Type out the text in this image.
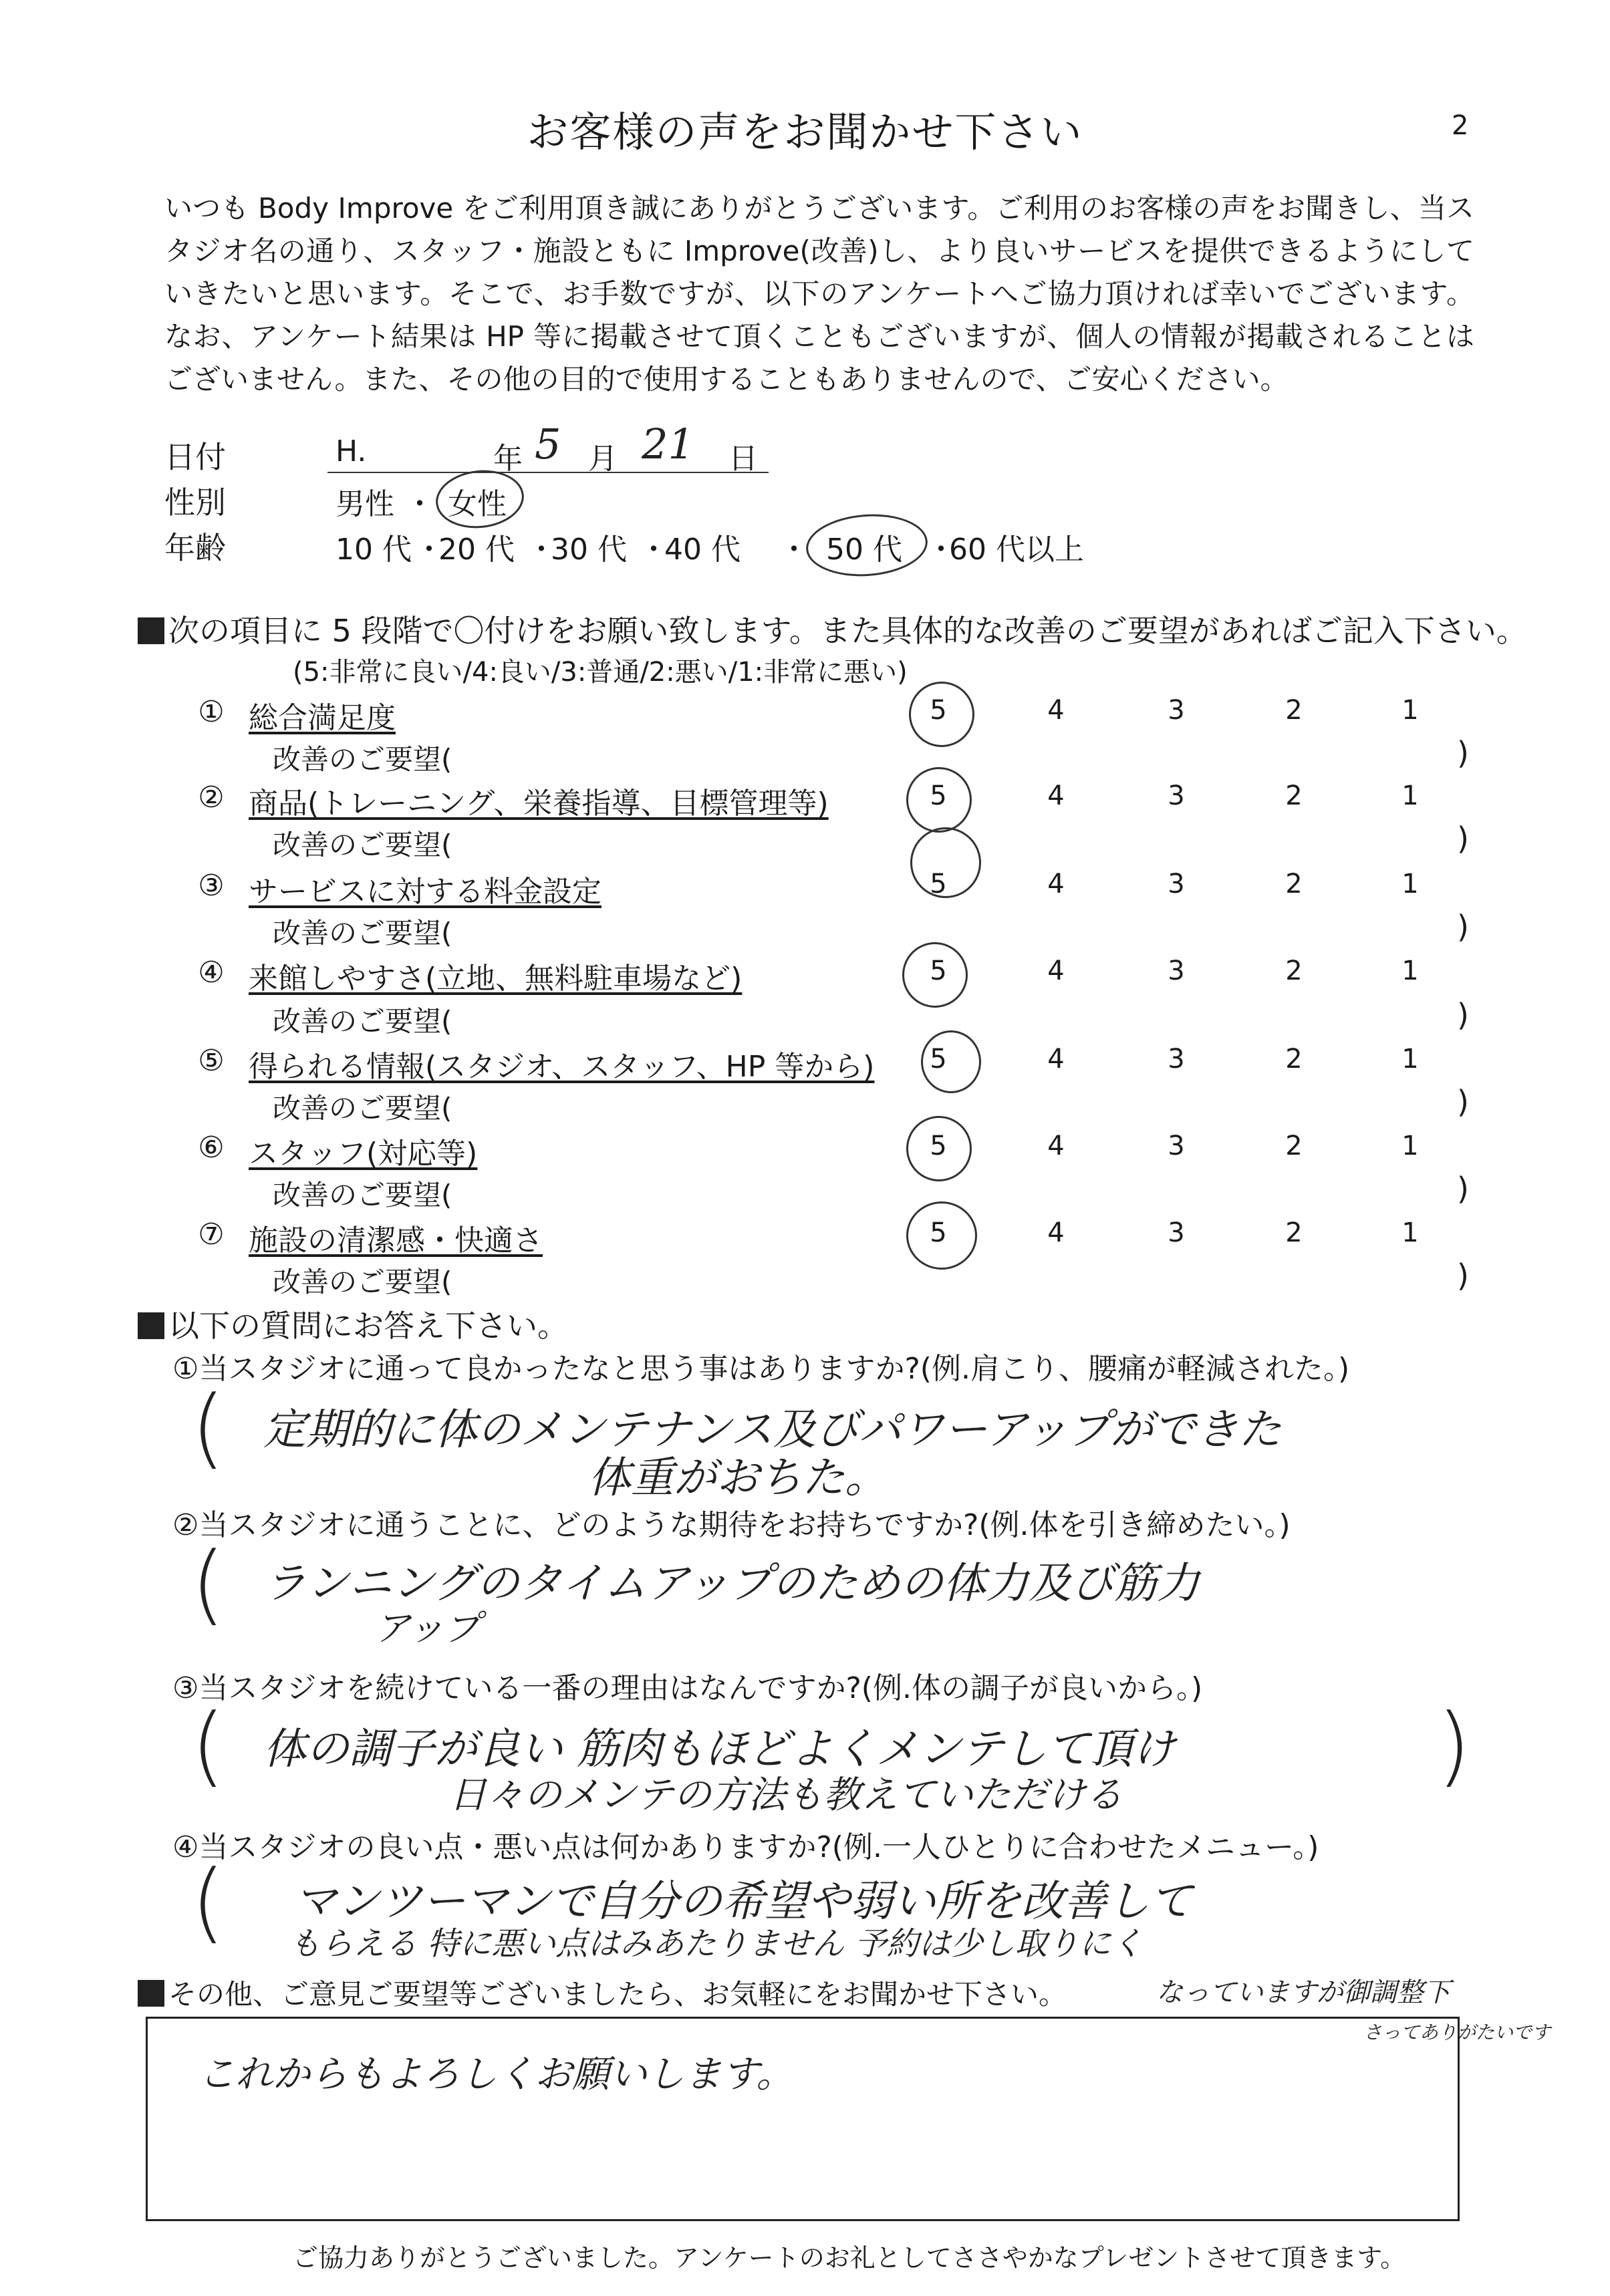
お客様の声をお聞かせ下さい	2

いつも Body Improve をご利用頂き誠にありがとうございます。ご利用のお客様の声をお聞きし、当スタジオ名の通り、スタッフ・施設ともに Improve(改善)し、より良いサービスを提供できるようにしていきたいと思います。そこで、お手数ですが、以下のアンケートへご協力頂ければ幸いでございます。なお、アンケート結果は HP 等に掲載させて頂くこともございますが、個人の情報が掲載されることはございません。また、その他の目的で使用することもありませんので、ご安心ください。

日付	H.	年 5 月 21 日
性別	男性 ・ 女性
年齢	10 代 20 代 30 代 40 代	50 代 60 代以上
・	・	・	・	・
次の項目に 5 段階で〇付けをお願い致します。また具体的な改善のご要望があればご記入下さい。
(5:非常に良い/4:良い/3:普通/2:悪い/1:非常に悪い)
① 総合満足度	5	4	3	2	1
改善のご要望(	)
② 商品(トレーニング、栄養指導、目標管理等)	5	4	3	2	1
改善のご要望(	)
③ サービスに対する料金設定	5	4	3	2	1
改善のご要望(	)
④ 来館しやすさ(立地、無料駐車場など)	5	4	3	2	1
改善のご要望(	)
⑤ 得られる情報(スタジオ、スタッフ、HP 等から) 5	4	3	2	1
改善のご要望(	)
⑥ スタッフ(対応等)	5	4	3	2	1
改善のご要望(	)
⑦ 施設の清潔感・快適さ	5	4	3	2	1
改善のご要望(	)
以下の質問にお答え下さい。
①当スタジオに通って良かったなと思う事はありますか?(例.肩こり、腰痛が軽減された。)
( 定期的に体のメンテナンス及びパワーアップができた
体重がおちた。
②当スタジオに通うことに、どのような期待をお持ちですか?(例.体を引き締めたい。)
( ランニングのタイムアップのための体力及び筋力
アップ
③当スタジオを続けている一番の理由はなんですか?(例.体の調子が良いから。)
( 体の調子が良い 筋肉もほどよくメンテして頂け
日々のメンテの方法も教えていただける	)
④当スタジオの良い点・悪い点は何かありますか?(例.一人ひとりに合わせたメニュー。)
( マンツーマンで自分の希望や弱い所を改善して
もらえる 特に悪い点はみあたりません 予約は少し取りにく
なっていますが御調整下
さってありがたいです
その他、ご意見ご要望等ございましたら、お気軽にをお聞かせ下さい。
これからもよろしくお願いします。
ご協力ありがとうございました。アンケートのお礼としてささやかなプレゼントさせて頂きます。
